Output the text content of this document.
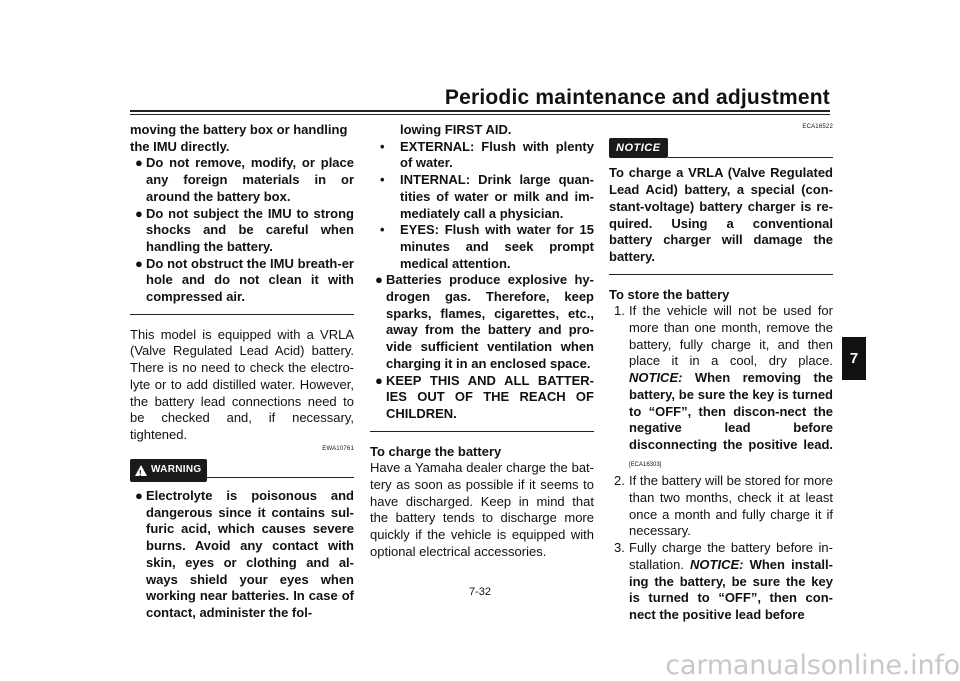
Periodic maintenance and adjustment

moving the battery box or handling the IMU directly.

● Do not remove, modify, or place any foreign materials in or around the battery box.
● Do not subject the IMU to strong shocks and be careful when handling the battery.
● Do not obstruct the IMU breath-er hole and do not clean it with compressed air.

This model is equipped with a VRLA (Valve Regulated Lead Acid) battery. There is no need to check the electro-lyte or to add distilled water. However, the battery lead connections need to be checked and, if necessary, tightened.

EWA10761
! WARNING
● Electrolyte is poisonous and dangerous since it contains sul-furic acid, which causes severe burns. Avoid any contact with skin, eyes or clothing and al-ways shield your eyes when working near batteries. In case of contact, administer the fol-

lowing FIRST AID.

• EXTERNAL: Flush with plenty of water.
• INTERNAL: Drink large quan-tities of water or milk and im-mediately call a physician.
• EYES: Flush with water for 15 minutes and seek prompt medical attention.
● Batteries produce explosive hy-drogen gas. Therefore, keep sparks, flames, cigarettes, etc., away from the battery and pro-vide sufficient ventilation when charging it in an enclosed space.
● KEEP THIS AND ALL BATTER-IES OUT OF THE REACH OF CHILDREN.

To charge the battery

Have a Yamaha dealer charge the bat-tery as soon as possible if it seems to have discharged. Keep in mind that the battery tends to discharge more quickly if the vehicle is equipped with optional electrical accessories.

ECA16522
NOTICE

To charge a VRLA (Valve Regulated Lead Acid) battery, a special (con-stant-voltage) battery charger is re-quired. Using a conventional battery charger will damage the battery.

To store the battery

1. If the vehicle will not be used for more than one month, remove the battery, fully charge it, and then place it in a cool, dry place. NOTICE: When removing the battery, be sure the key is turned to “OFF”, then discon-nect the negative lead before disconnecting the positive lead.[ECA16303]
2. If the battery will be stored for more than two months, check it at least once a month and fully charge it if necessary.
3. Fully charge the battery before in-stallation. NOTICE: When install-ing the battery, be sure the key is turned to “OFF”, then con-nect the positive lead before
7
7-32
carmanualsonline.info
